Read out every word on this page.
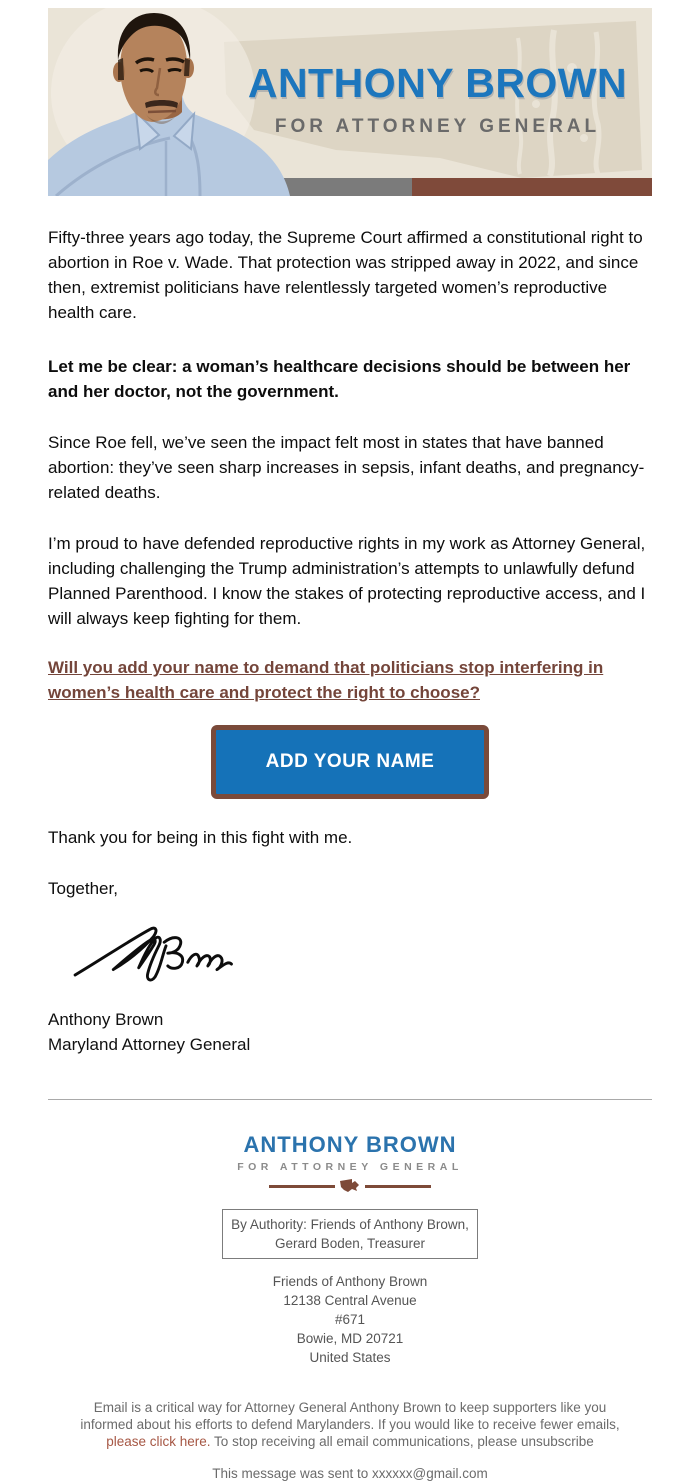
ANTHONY BROWN
FOR ATTORNEY GENERAL

Fifty-three years ago today, the Supreme Court affirmed a constitutional right to abortion in Roe v. Wade. That protection was stripped away in 2022, and since then, extremist politicians have relentlessly targeted women’s reproductive health care.

Let me be clear: a woman’s healthcare decisions should be between her and her doctor, not the government.

Since Roe fell, we’ve seen the impact felt most in states that have banned abortion: they’ve seen sharp increases in sepsis, infant deaths, and pregnancy-related deaths.

I’m proud to have defended reproductive rights in my work as Attorney General, including challenging the Trump administration’s attempts to unlawfully defund Planned Parenthood. I know the stakes of protecting reproductive access, and I will always keep fighting for them.

Will you add your name to demand that politicians stop interfering in women’s health care and protect the right to choose?
ADD YOUR NAME

Thank you for being in this fight with me.

Together,

Anthony Brown
Maryland Attorney General
ANTHONY BROWN
FOR ATTORNEY GENERAL
By Authority: Friends of Anthony Brown,
Gerard Boden, Treasurer
Friends of Anthony Brown
12138 Central Avenue
#671
Bowie, MD 20721
United States

Email is a critical way for Attorney General Anthony Brown to keep supporters like you informed about his efforts to defend Marylanders. If you would like to receive fewer emails, please click here. To stop receiving all email communications, please unsubscribe

This message was sent to xxxxxx@gmail.com
